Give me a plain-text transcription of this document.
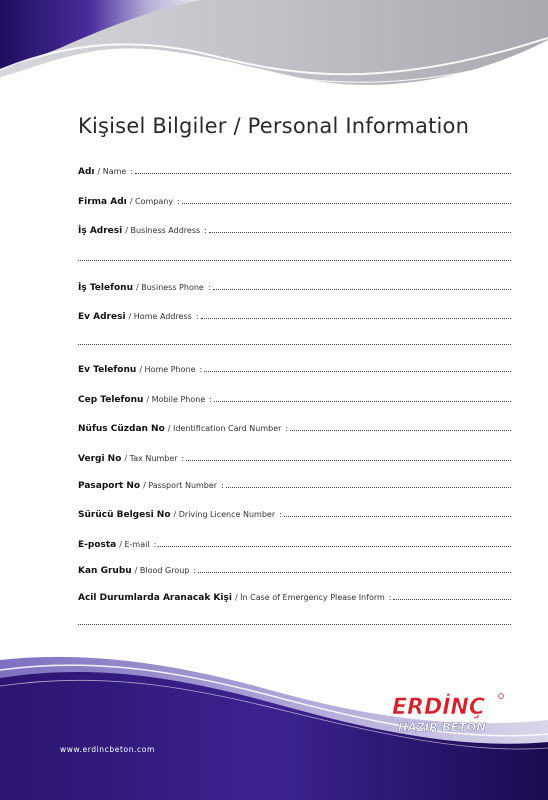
Kişisel Bilgiler / Personal Information
Adı / Name :
Firma Adı / Company :
İş Adresi / Business Address :
İş Telefonu / Business Phone :
Ev Adresi / Home Address :
Ev Telefonu / Home Phone :
Cep Telefonu / Mobile Phone :
Nüfus Cüzdan No / Identification Card Number :
Vergi No / Tax Number :
Pasaport No / Passport Number :
Sürücü Belgesi No / Driving Licence Number :
E-posta / E-mail :
Kan Grubu / Blood Group :
Acil Durumlarda Aranacak Kişi / İn Case of Emergency Please Inform :
ERDİNÇ
HAZIR BETON
www.erdincbeton.com
